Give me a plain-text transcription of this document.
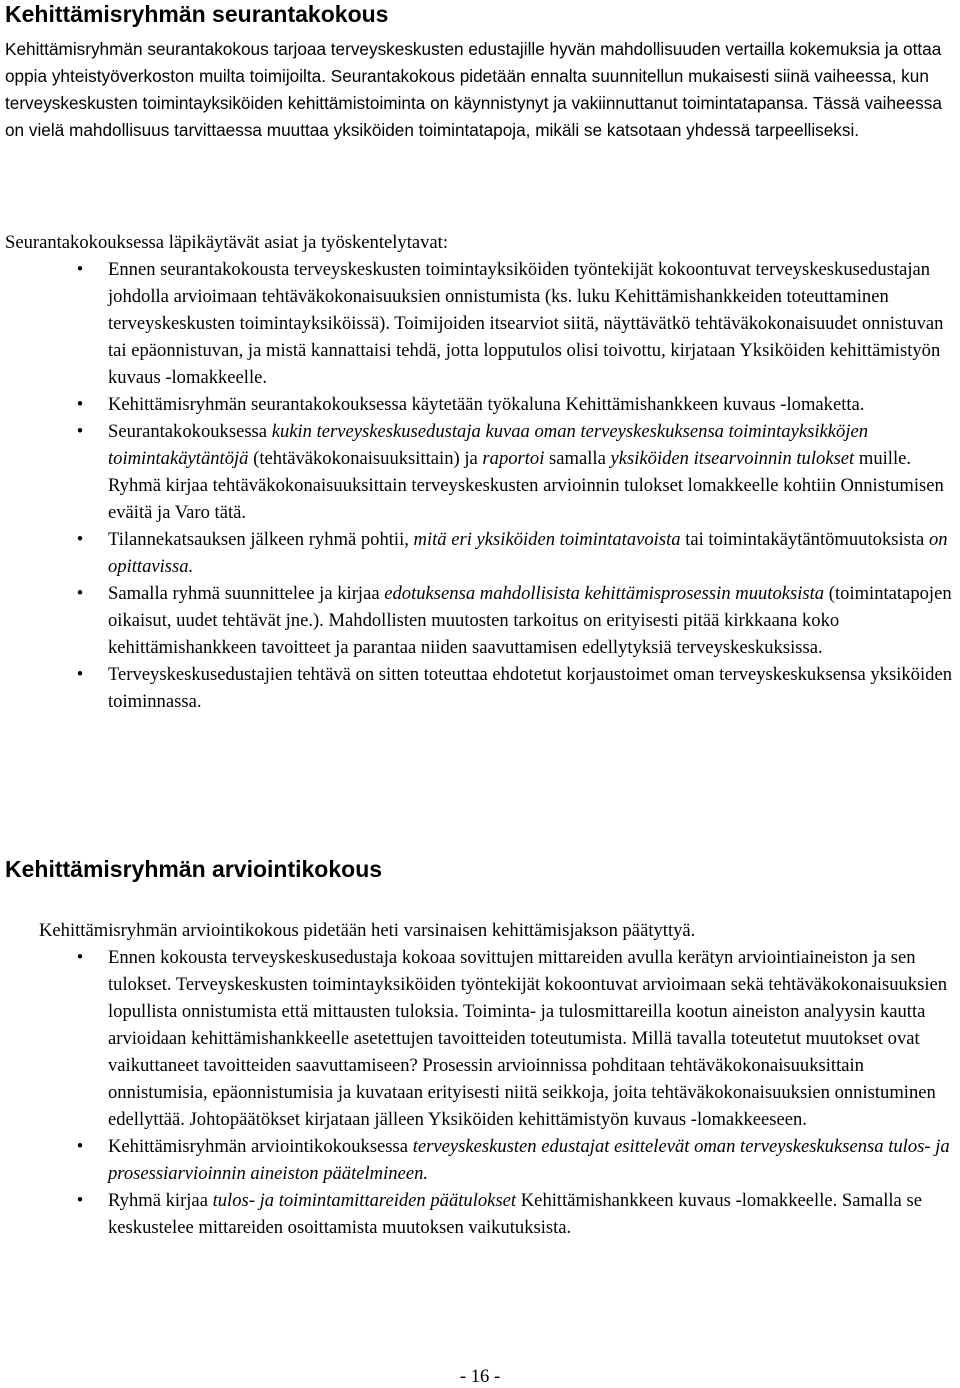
Kehittämisryhmän seurantakokous

Kehittämisryhmän seurantakokous tarjoaa terveyskeskusten edustajille hyvän mahdollisuuden vertailla kokemuksia ja ottaa oppia yhteistyöverkoston muilta toimijoilta. Seurantakokous pidetään ennalta suunnitellun mukaisesti siinä vaiheessa, kun terveyskeskusten toimintayksiköiden kehittämistoiminta on käynnistynyt ja vakiinnuttanut toimintatapansa. Tässä vaiheessa on vielä mahdollisuus tarvittaessa muuttaa yksiköiden toimintatapoja, mikäli se katsotaan yhdessä tarpeelliseksi.

Seurantakokouksessa läpikäytävät asiat ja työskentelytavat:

•	Ennen seurantakokousta terveyskeskusten toimintayksiköiden työntekijät kokoontuvat terveyskeskusedustajan johdolla arvioimaan tehtäväkokonaisuuksien onnistumista (ks. luku Kehittämishankkeiden toteuttaminen terveyskeskusten toimintayksiköissä). Toimijoiden itsearviot siitä, näyttävätkö tehtäväkokonaisuudet onnistuvan tai epäonnistuvan, ja mistä kannattaisi tehdä, jotta lopputulos olisi toivottu, kirjataan Yksiköiden kehittämistyön kuvaus -lomakkeelle.
•	Kehittämisryhmän seurantakokouksessa käytetään työkaluna Kehittämishankkeen kuvaus -lomaketta.
•	Seurantakokouksessa kukin terveyskeskusedustaja kuvaa oman terveyskeskuksensa toimintayksikköjen toimintakäytäntöjä (tehtäväkokonaisuuksittain) ja raportoi samalla yksiköiden itsearvoinnin tulokset muille. Ryhmä kirjaa tehtäväkokonaisuuksittain terveyskeskusten arvioinnin tulokset lomakkeelle kohtiin Onnistumisen eväitä ja Varo tätä.
•	Tilannekatsauksen jälkeen ryhmä pohtii, mitä eri yksiköiden toimintatavoista tai toimintakäytäntömuutoksista on opittavissa.
•	Samalla ryhmä suunnittelee ja kirjaa edotuksensa mahdollisista kehittämisprosessin muutoksista (toimintatapojen oikaisut, uudet tehtävät jne.). Mahdollisten muutosten tarkoitus on erityisesti pitää kirkkaana koko kehittämishankkeen tavoitteet ja parantaa niiden saavuttamisen edellytyksiä terveyskeskuksissa.
•	Terveyskeskusedustajien tehtävä on sitten toteuttaa ehdotetut korjaustoimet oman terveyskeskuksensa yksiköiden toiminnassa.
Kehittämisryhmän arviointikokous

Kehittämisryhmän arviointikokous pidetään heti varsinaisen kehittämisjakson päätyttyä.

•	Ennen kokousta terveyskeskusedustaja kokoaa sovittujen mittareiden avulla kerätyn arviointiaineiston ja sen tulokset. Terveyskeskusten toimintayksiköiden työntekijät kokoontuvat arvioimaan sekä tehtäväkokonaisuuksien lopullista onnistumista että mittausten tuloksia. Toiminta- ja tulosmittareilla kootun aineiston analyysin kautta arvioidaan kehittämishankkeelle asetettujen tavoitteiden toteutumista. Millä tavalla toteutetut muutokset ovat vaikuttaneet tavoitteiden saavuttamiseen? Prosessin arvioinnissa pohditaan tehtäväkokonaisuuksittain onnistumisia, epäonnistumisia ja kuvataan erityisesti niitä seikkoja, joita tehtäväkokonaisuuksien onnistuminen edellyttää. Johtopäätökset kirjataan jälleen Yksiköiden kehittämistyön kuvaus -lomakkeeseen.
•	Kehittämisryhmän arviointikokouksessa terveyskeskusten edustajat esittelevät oman terveyskeskuksensa tulos- ja prosessiarvioinnin aineiston päätelmineen.
•	Ryhmä kirjaa tulos- ja toimintamittareiden päätulokset Kehittämishankkeen kuvaus -lomakkeelle. Samalla se keskustelee mittareiden osoittamista muutoksen vaikutuksista.
- 16 -
